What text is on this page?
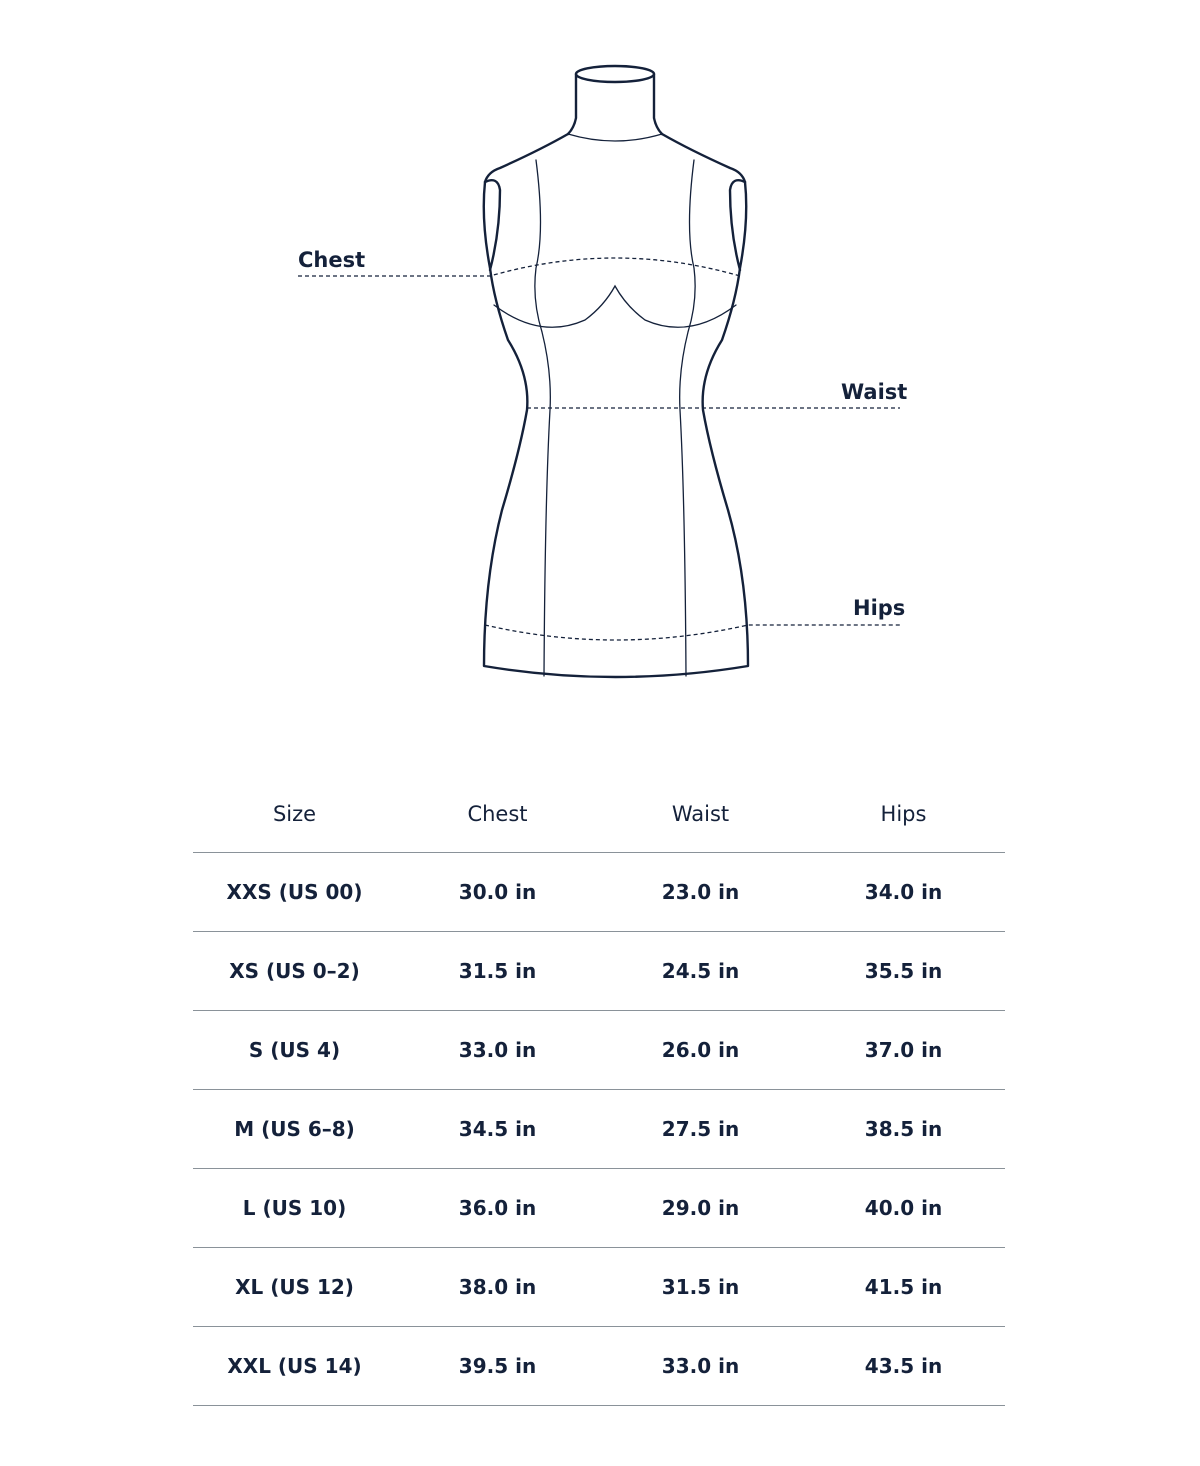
Chest
Waist
Hips
Size	Chest	Waist	Hips
XXS (US 00)	30.0 in	23.0 in	34.0 in
XS (US 0–2)	31.5 in	24.5 in	35.5 in
S (US 4)	33.0 in	26.0 in	37.0 in
M (US 6–8)	34.5 in	27.5 in	38.5 in
L (US 10)	36.0 in	29.0 in	40.0 in
XL (US 12)	38.0 in	31.5 in	41.5 in
XXL (US 14)	39.5 in	33.0 in	43.5 in
